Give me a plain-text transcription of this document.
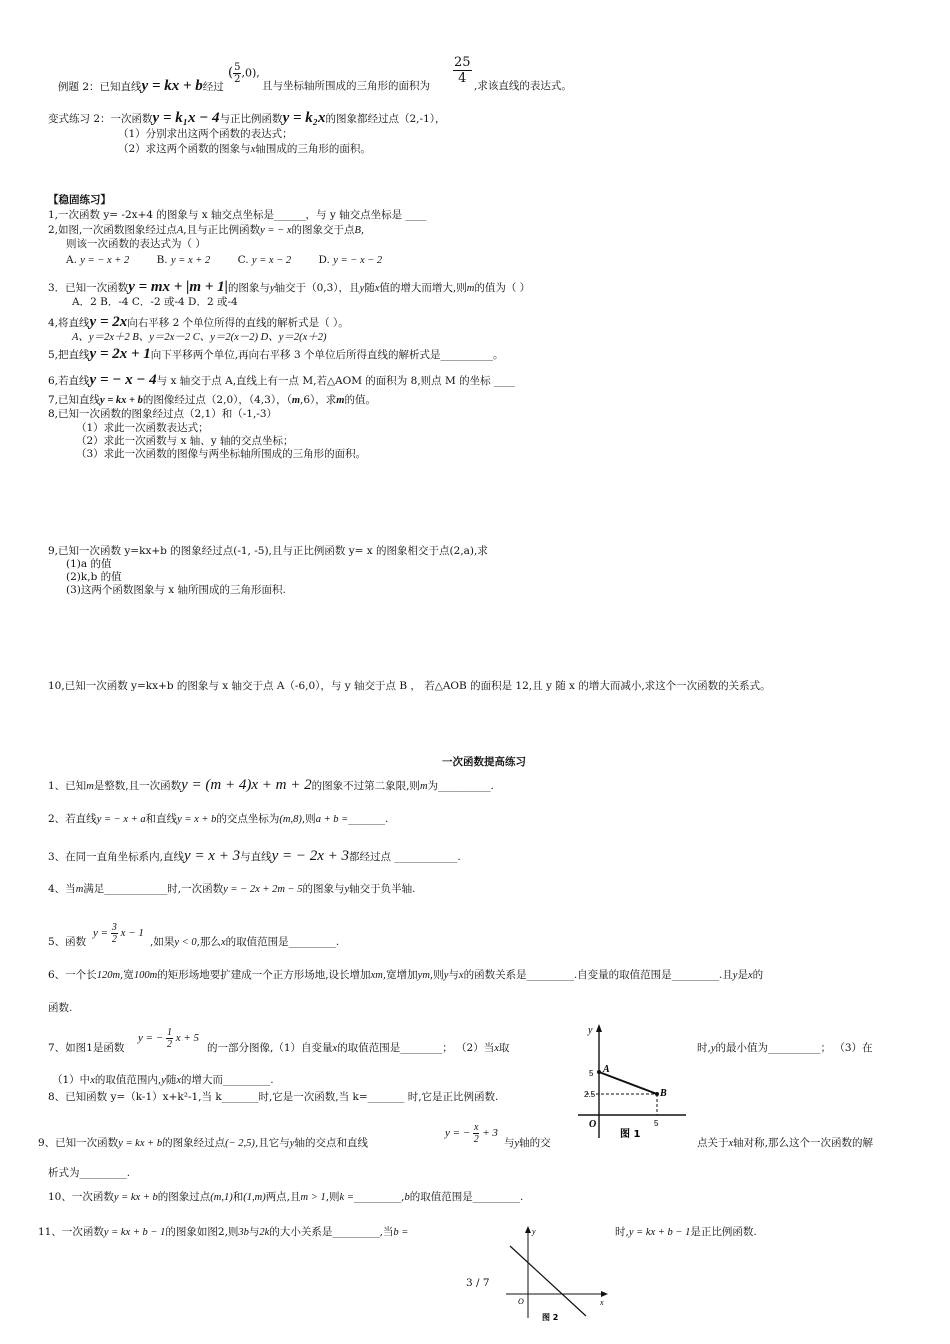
例题 2：已知直线y = kx + b经过
( $\frac{5}{2} ,0$),
且与坐标轴所围成的三角形的面积为
25
4 ,求该直线的表达式。
变式练习 2：一次函数y = k₁x − 4与正比例函数y = k₂x的图象都经过点（2,-1），
（1）分别求出这两个函数的表达式；
（2）求这两个函数的图象与x轴围成的三角形的面积。
【稳固练习】
1,一次函数 y= -2x+4 的图象与 x 轴交点坐标是______，与 y 轴交点坐标是 ____
2,如图,一次函数图象经过点A,且与正比例函数y = − x的图象交于点B,
则该一次函数的表达式为（ ）
A. y = − x + 2	B. y = x + 2	C. y = x − 2	D. y = − x − 2
3．已知一次函数y = mx + |m + 1|的图象与y轴交于（0,3），且y随x值的增大而增大,则m的值为（ ）
A．2 B．-4 C．-2 或-4 D．2 或-4
4,将直线y = 2x向右平移 2 个单位所得的直线的解析式是（ ）。
A、y＝2x＋2 B、y＝2x－2 C、y＝2(x－2) D、y＝2(x＋2)
5,把直线y = 2x + 1向下平移两个单位,再向右平移 3 个单位后所得直线的解析式是__________。
6,若直线y = − x − 4与 x 轴交于点 A,直线上有一点 M,若△AOM 的面积为 8,则点 M 的坐标 ____
7,已知直线y = kx + b的图像经过点（2,0），（4,3），（m,6），求m的值。
8,已知一次函数的图象经过点（2,1）和（-1,-3）
（1）求此一次函数表达式；
（2）求此一次函数与 x 轴、y 轴的交点坐标；
（3）求此一次函数的图像与两坐标轴所围成的三角形的面积。
9,已知一次函数 y=kx+b 的图象经过点(-1, -5),且与正比例函数 y= x 的图象相交于点(2,a),求
(1)a 的值
(2)k,b 的值
(3)这两个函数图象与 x 轴所围成的三角形面积.
10,已知一次函数 y=kx+b 的图象与 x 轴交于点 A（-6,0），与 y 轴交于点 B ， 若△AOB 的面积是 12,且 y 随 x 的增大而减小,求这个一次函数的关系式。
一次函数提高练习
1、已知m是整数,且一次函数y = (m + 4)x + m + 2的图象不过第二象限,则m为__________.
2、若直线y = − x + a和直线y = x + b的交点坐标为(m,8),则a + b =_______.
3、在同一直角坐标系内,直线y = x + 3与直线y = − 2x + 3都经过点 ____________.
4、当m满足____________时,一次函数y = − 2x + 2m − 5的图象与y轴交于负半轴.
5、函数
$y = \frac{3}{2}$ x − 1
,如果y < 0,那么x的取值范围是_________.
6、一个长120m,宽100m的矩形场地要扩建成一个正方形场地,设长增加xm,宽增加ym,则y与x的函数关系是_________.自变量的取值范围是_________.且y是x的
函数.
7、如图1是函数
y = − $\frac{1}{2}$ x + 5
的一部分图像,（1）自变量x的取值范围是________； （2）当x取	时,y的最小值为__________； （3）在
（1）中x的取值范围内,y随x的增大而_________.
8、已知函数 y=（k-1）x+k²-1,当 k_______时,它是一次函数,当 k=_______ 时,它是正比例函数.
9、已知一次函数y = kx + b的图象经过点(− 2,5),且它与y轴的交点和直线
y = − $\frac{x}{2} + 3$
与y轴的交	点关于x轴对称,那么这个一次函数的解
析式为_________.
10、一次函数y = kx + b的图象过点(m,1)和(1,m)两点,且m > 1,则k =_________,b的取值范围是_________.
11、一次函数y = kx + b − 1的图象如图2,则3b与2k的大小关系是_________,当b =	时,y = kx + b − 1是正比例函数.
y
5
2.5
O
A
B
5
图 1
y
x
O
图 2
3 / 7
